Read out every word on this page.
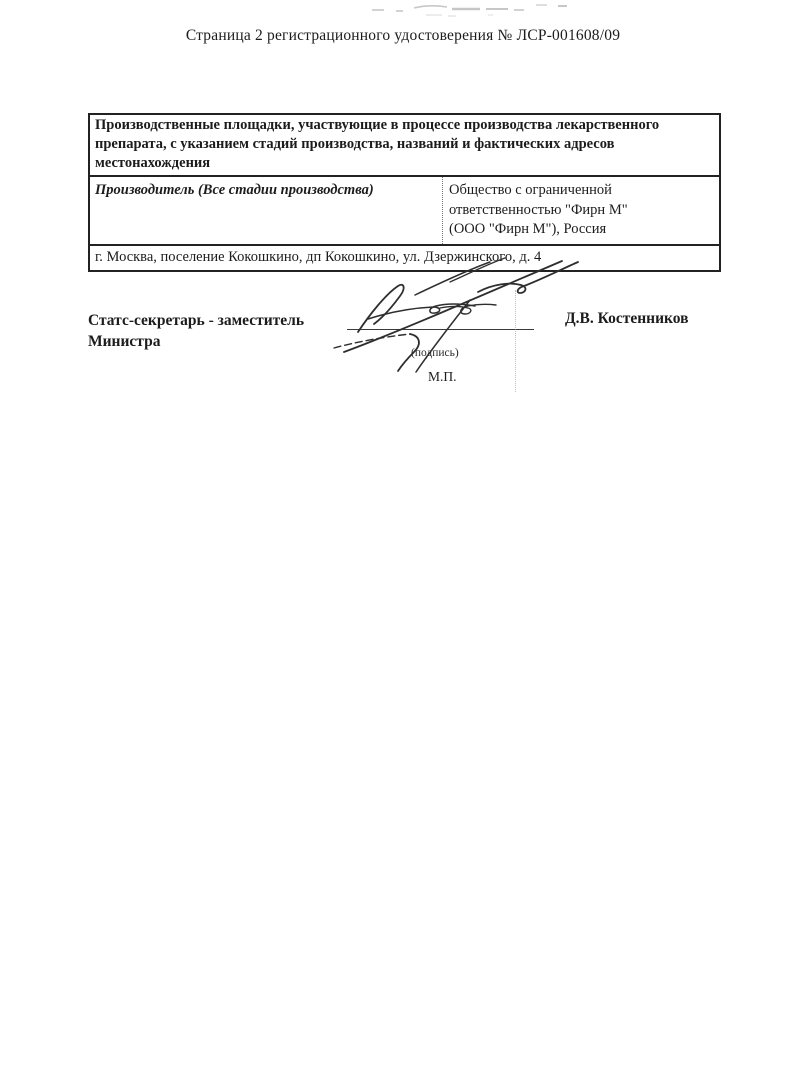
Страница 2 регистрационного удостоверения № ЛСР-001608/09
Производственные площадки, участвующие в процессе производства лекарственного
препарата, с указанием стадий производства, названий и фактических адресов
местонахождения
Производитель (Все стадии производства)	Общество с ограниченной
ответственностью "Фирн М"
(ООО "Фирн М"), Россия
г. Москва, поселение Кокошкино, дп Кокошкино, ул. Дзержинского, д. 4
Статс-секретарь - заместитель
Министра
(подпись)
М.П.
Д.В. Костенников
